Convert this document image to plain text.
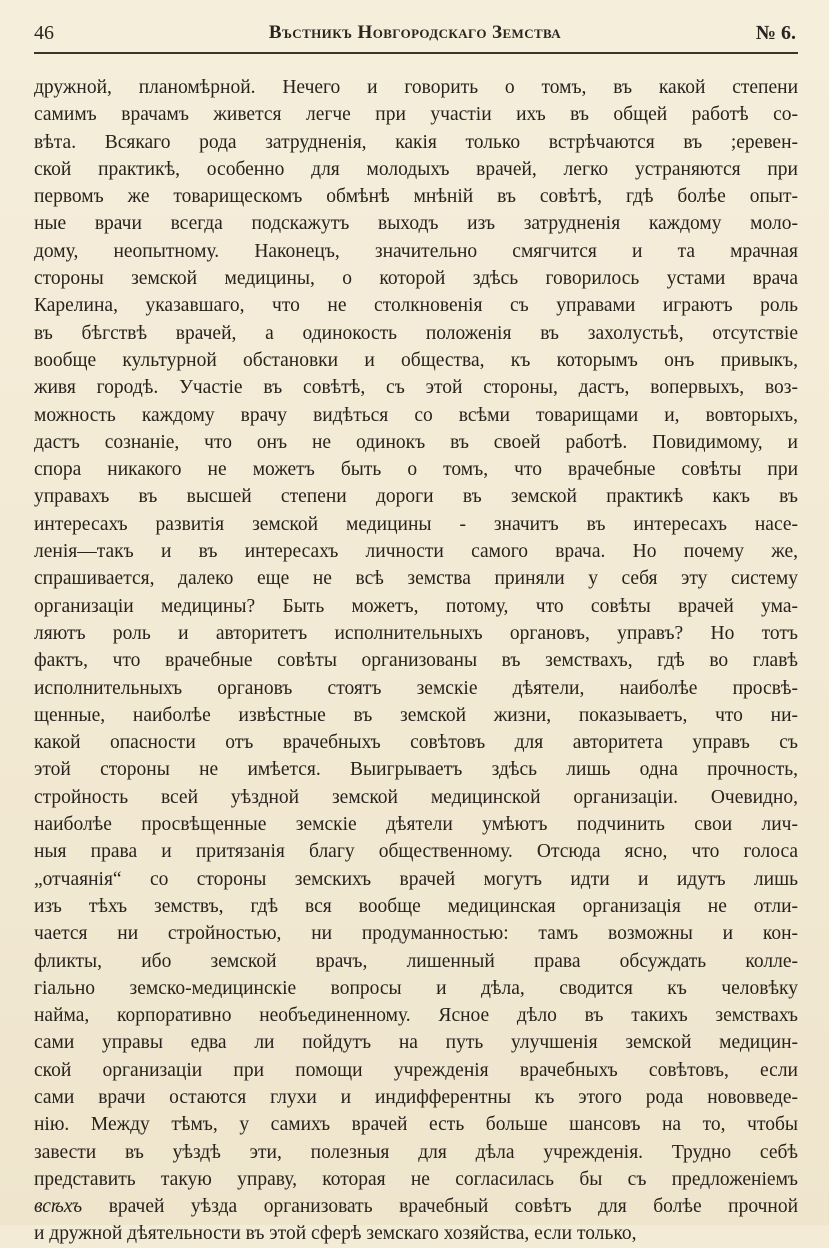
46	Въстникъ Новгородскаго Земства	№ 6.
дружной, планомѣрной. Нечего и говорить о томъ, въ какой степени
самимъ врачамъ живется легче при участіи ихъ въ общей работѣ со-
вѣта. Всякаго рода затрудненія, какія только встрѣчаются въ ;еревен-
ской практикѣ, особенно для молодыхъ врачей, легко устраняются при
первомъ же товарищескомъ обмѣнѣ мнѣній въ совѣтѣ, гдѣ болѣе опыт-
ные врачи всегда подскажутъ выходъ изъ затрудненія каждому моло-
дому, неопытному. Наконецъ, значительно смягчится и та мрачная
стороны земской медицины, о которой здѣсь говорилось устами врача
Карелина, указавшаго, что не столкновенія съ управами играютъ роль
въ бѣгствѣ врачей, а одинокость положенія въ захолустьѣ, отсутствіе
вообще культурной обстановки и общества, къ которымъ онъ привыкъ,
живя городѣ. Участіе въ совѣтѣ, съ этой стороны, дастъ, вопервыхъ, воз-
можность каждому врачу видѣться со всѣми товарищами и, вовторыхъ,
дастъ сознаніе, что онъ не одинокъ въ своей работѣ. Повидимому, и
спора никакого не можетъ быть о томъ, что врачебные совѣты при
управахъ въ высшей степени дороги въ земской практикѣ какъ въ
интересахъ развитія земской медицины - значитъ въ интересахъ насе-
ленія—такъ и въ интересахъ личности самого врача. Но почему же,
спрашивается, далеко еще не всѣ земства приняли у себя эту систему
организаціи медицины? Быть можетъ, потому, что совѣты врачей ума-
ляютъ роль и авторитетъ исполнительныхъ органовъ, управъ? Но тотъ
фактъ, что врачебные совѣты организованы въ земствахъ, гдѣ во главѣ
исполнительныхъ органовъ стоятъ земскіе дѣятели, наиболѣе просвѣ-
щенные, наиболѣе извѣстные въ земской жизни, показываетъ, что ни-
какой опасности отъ врачебныхъ совѣтовъ для авторитета управъ съ
этой стороны не имѣется. Выигрываетъ здѣсь лишь одна прочность,
стройность всей уѣздной земской медицинской организаціи. Очевидно,
наиболѣе просвѣщенные земскіе дѣятели умѣютъ подчинить свои лич-
ныя права и притязанія благу общественному. Отсюда ясно, что голоса
„отчаянія“ со стороны земскихъ врачей могутъ идти и идутъ лишь
изъ тѣхъ земствъ, гдѣ вся вообще медицинская организація не отли-
чается ни стройностью, ни продуманностью: тамъ возможны и кон-
фликты, ибо земской врачъ, лишенный права обсуждать колле-
гіально земско-медицинскіе вопросы и дѣла, сводится къ человѣку
найма, корпоративно необъединенному. Ясное дѣло въ такихъ земствахъ
сами управы едва ли пойдутъ на путь улучшенія земской медицин-
ской организаціи при помощи учрежденія врачебныхъ совѣтовъ, если
сами врачи остаются глухи и индифферентны къ этого рода нововведе-
нію. Между тѣмъ, у самихъ врачей есть больше шансовъ на то, чтобы
завести въ уѣздѣ эти, полезныя для дѣла учрежденія. Трудно себѣ
представить такую управу, которая не согласилась бы съ предложеніемъ
всѣхъ врачей уѣзда организовать врачебный совѣтъ для болѣе прочной
и дружной дѣятельности въ этой сферѣ земскаго хозяйства, если только,
